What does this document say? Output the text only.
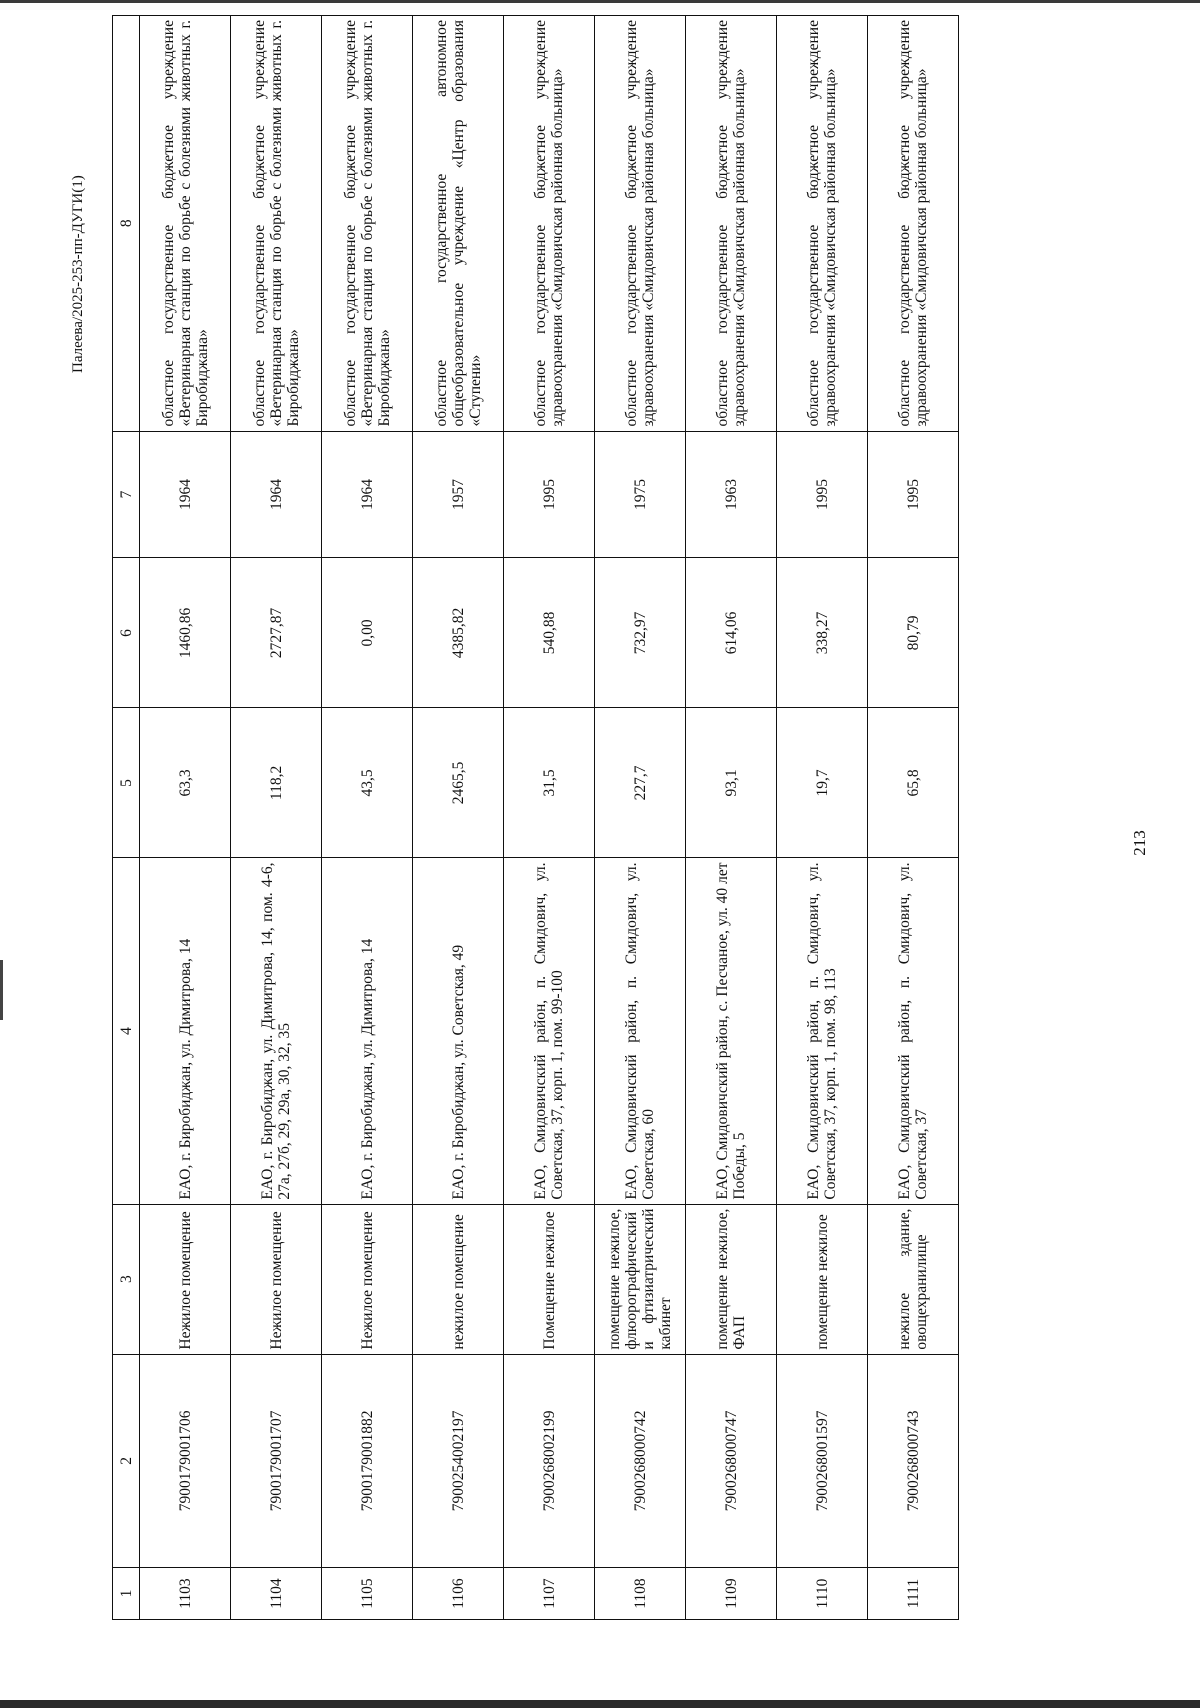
213
Палеева/2025-253-пп-ДУГИ(1)
1	2	3	4	5	6	7	8
1103	7900179001706	Нежилое помещение	ЕАО, г. Биробиджан, ул. Димитрова, 14	63,3	1460,86	1964	областное государственное бюджетное учреждение «Ветеринарная станция по борьбе с болезнями животных г. Биробиджана»
1104	7900179001707	Нежилое помещение	ЕАО, г. Биробиджан, ул. Димитрова, 14, пом. 4-6, 27а, 27б, 29, 29а, 30, 32, 35	118,2	2727,87	1964	областное государственное бюджетное учреждение «Ветеринарная станция по борьбе с болезнями животных г. Биробиджана»
1105	7900179001882	Нежилое помещение	ЕАО, г. Биробиджан, ул. Димитрова, 14	43,5	0,00	1964	областное государственное бюджетное учреждение «Ветеринарная станция по борьбе с болезнями животных г. Биробиджана»
1106	7900254002197	нежилое помещение	ЕАО, г. Биробиджан, ул. Советская, 49	2465,5	4385,82	1957	областное государственное автономное общеобразовательное учреждение «Центр образования «Ступени»
1107	7900268002199	Помещение нежилое	ЕАО, Смидовичский район, п. Смидович, ул. Советская, 37, корп. 1, пом. 99-100	31,5	540,88	1995	областное государственное бюджетное учреждение здравоохранения «Смидовичская районная больница»
1108	7900268000742	помещение нежилое, флюорографический и фтизиатрический кабинет	ЕАО, Смидовичский район, п. Смидович, ул. Советская, 60	227,7	732,97	1975	областное государственное бюджетное учреждение здравоохранения «Смидовичская районная больница»
1109	7900268000747	помещение нежилое, ФАП	ЕАО, Смидовичский район, с. Песчаное, ул. 40 лет Победы, 5	93,1	614,06	1963	областное государственное бюджетное учреждение здравоохранения «Смидовичская районная больница»
1110	7900268001597	помещение нежилое	ЕАО, Смидовичский район, п. Смидович, ул. Советская, 37, корп. 1, пом. 98, 113	19,7	338,27	1995	областное государственное бюджетное учреждение здравоохранения «Смидовичская районная больница»
1111	7900268000743	нежилое здание, овощехранилище	ЕАО, Смидовичский район, п. Смидович, ул. Советская, 37	65,8	80,79	1995	областное государственное бюджетное учреждение здравоохранения «Смидовичская районная больница»
